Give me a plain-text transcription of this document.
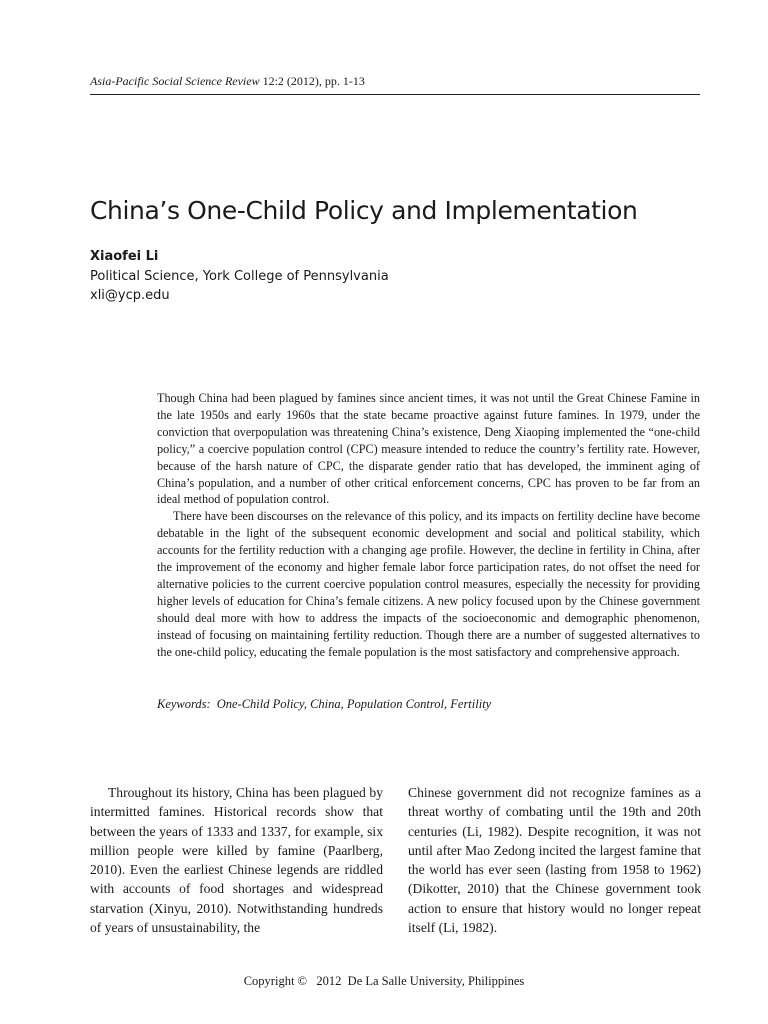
Asia-Pacific Social Science Review 12:2 (2012), pp. 1-13
China’s One-Child Policy and Implementation
Xiaofei Li
Political Science, York College of Pennsylvania
xli@ycp.edu

Though China had been plagued by famines since ancient times, it was not until the Great Chinese Famine in the late 1950s and early 1960s that the state became proactive against future famines. In 1979, under the conviction that overpopulation was threatening China’s existence, Deng Xiaoping implemented the “one-child policy,” a coercive population control (CPC) measure intended to reduce the country’s fertility rate. However, because of the harsh nature of CPC, the disparate gender ratio that has developed, the imminent aging of China’s population, and a number of other critical enforcement concerns, CPC has proven to be far from an ideal method of population control.

There have been discourses on the relevance of this policy, and its impacts on fertility decline have become debatable in the light of the subsequent economic development and social and political stability, which accounts for the fertility reduction with a changing age profile. However, the decline in fertility in China, after the improvement of the economy and higher female labor force participation rates, do not offset the need for alternative policies to the current coercive population control measures, especially the necessity for providing higher levels of education for China’s female citizens. A new policy focused upon by the Chinese government should deal more with how to address the impacts of the socioeconomic and demographic phenomenon, instead of focusing on maintaining fertility reduction. Though there are a number of suggested alternatives to the one-child policy, educating the female population is the most satisfactory and comprehensive approach.

Keywords: One-Child Policy, China, Population Control, Fertility

Throughout its history, China has been plagued by intermitted famines. Historical records show that between the years of 1333 and 1337, for example, six million people were killed by famine (Paarlberg, 2010). Even the earliest Chinese legends are riddled with accounts of food shortages and widespread starvation (Xinyu, 2010). Notwithstanding hundreds of years of unsustainability, the

Chinese government did not recognize famines as a threat worthy of combating until the 19th and 20th centuries (Li, 1982). Despite recognition, it was not until after Mao Zedong incited the largest famine that the world has ever seen (lasting from 1958 to 1962) (Dikotter, 2010) that the Chinese government took action to ensure that history would no longer repeat itself (Li, 1982).

Copyright ©   2012  De La Salle University, Philippines
